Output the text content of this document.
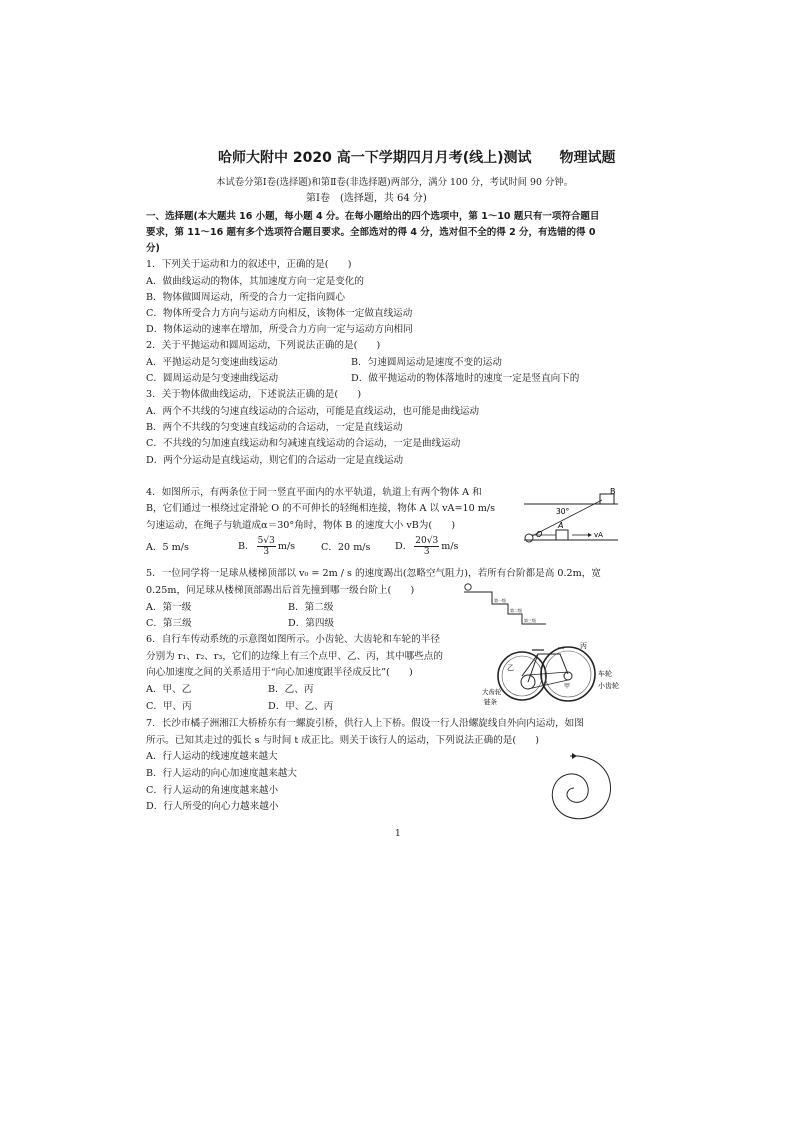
哈师大附中 2020 高一下学期四月月考(线上)测试　　物理试题
本试卷分第Ⅰ卷(选择题)和第Ⅱ卷(非选择题)两部分，满分 100 分，考试时间 90 分钟。
第Ⅰ卷　(选择题，共 64 分)
一、选择题(本大题共 16 小题，每小题 4 分。在每小题给出的四个选项中，第 1～10 题只有一项符合题目
要求，第 11～16 题有多个选项符合题目要求。全部选对的得 4 分，选对但不全的得 2 分，有选错的得 0
分)
1．下列关于运动和力的叙述中，正确的是(　　)
A．做曲线运动的物体，其加速度方向一定是变化的
B．物体做圆周运动，所受的合力一定指向圆心
C．物体所受合力方向与运动方向相反，该物体一定做直线运动
D．物体运动的速率在增加，所受合力方向一定与运动方向相同
2．关于平抛运动和圆周运动，下列说法正确的是(　　)
A．平抛运动是匀变速曲线运动	B．匀速圆周运动是速度不变的运动
C．圆周运动是匀变速曲线运动	D．做平抛运动的物体落地时的速度一定是竖直向下的
3．关于物体做曲线运动，下述说法正确的是(　　)
A．两个不共线的匀速直线运动的合运动，可能是直线运动，也可能是曲线运动
B．两个不共线的匀变速直线运动的合运动，一定是直线运动
C．不共线的匀加速直线运动和匀减速直线运动的合运动，一定是曲线运动
D．两个分运动是直线运动，则它们的合运动一定是直线运动
4．如图所示，有两条位于同一竖直平面内的水平轨道，轨道上有两个物体 A 和
B，它们通过一根绕过定滑轮 O 的不可伸长的轻绳相连接，物体 A 以 vA=10 m/s
匀速运动，在绳子与轨道成α＝30°角时，物体 B 的速度大小 vB为(　　)
A．5 m/s	B． $\frac{5√3}{3} m/s$	C．20 m/s	D． $\frac{20√3}{3} m/s$
B
30°
O
A
vA
5．一位同学将一足球从楼梯顶部以 v₀ = 2m / s 的速度踢出(忽略空气阻力)，若所有台阶都是高 0.2m，宽
0.25m，问足球从楼梯顶部踢出后首先撞到哪一级台阶上(　　)
A．第一级	B．第二级
C．第三级	D．第四级
第一级
第二级
第三级
6．自行车传动系统的示意图如图所示。小齿轮、大齿轮和车轮的半径
分别为 r₁、r₂、r₃，它们的边缘上有三个点甲、乙、丙，其中哪些点的
向心加速度之间的关系适用于“向心加速度跟半径成反比”(　　)
A．甲、乙	B．乙、丙
C．甲、丙	D．甲、乙、丙
丙
乙
甲
车轮
小齿轮
大齿轮
链条
7．长沙市橘子洲湘江大桥桥东有一螺旋引桥，供行人上下桥。假设一行人沿螺旋线自外向内运动，如图
所示。已知其走过的弧长 s 与时间 t 成正比。则关于该行人的运动，下列说法正确的是(　　)
A．行人运动的线速度越来越大
B．行人运动的向心加速度越来越大
C．行人运动的角速度越来越小
D．行人所受的向心力越来越小
1
